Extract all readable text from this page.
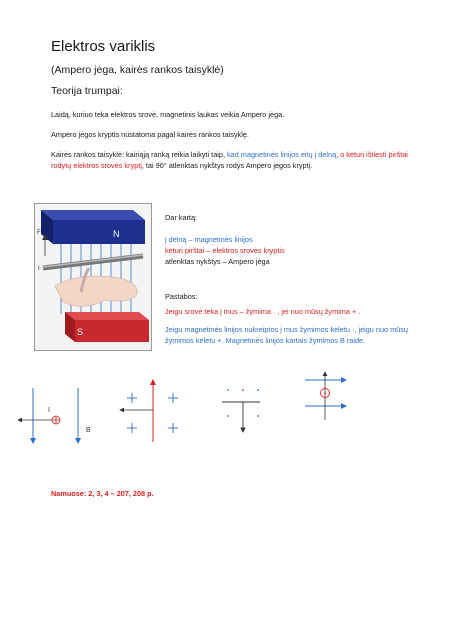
Elektros variklis
(Ampero jėga, kairės rankos taisyklė)
Teorija trumpai:
Laidą, kuriuo teka elektros srovė, magnetinis laukas veikia Ampero jėga.
Ampero jėgos kryptis nustatoma pagal kairės rankos taisyklę.
Kairės rankos taisyklė: kairiąją ranką reikia laikyti taip, kad magnetinės linijos eitų į delną, o keturi ištiesti pirštai rodytų elektros srovės kryptį, tai 90° atlenktas nykštys rodys Ampero jėgos kryptį.
N
F
I
S
Dar kartą:
į delną – magnetinės linijos
keturi pirštai – elektros srovės kryptis
atlenktas nykštys – Ampero jėga
Pastabos:
Jeigu srovė teka į mus – žymima · , jei nuo mūsų žymima + .
Jeigu magnetinės linijos nukreiptos į mus žymimos keletu ·, jeigu nuo mūsų žymimos keletu +. Magnetinės linijos kartais žymimos B raide.
I
B
Namuose: 2, 3, 4 – 207, 208 p.
